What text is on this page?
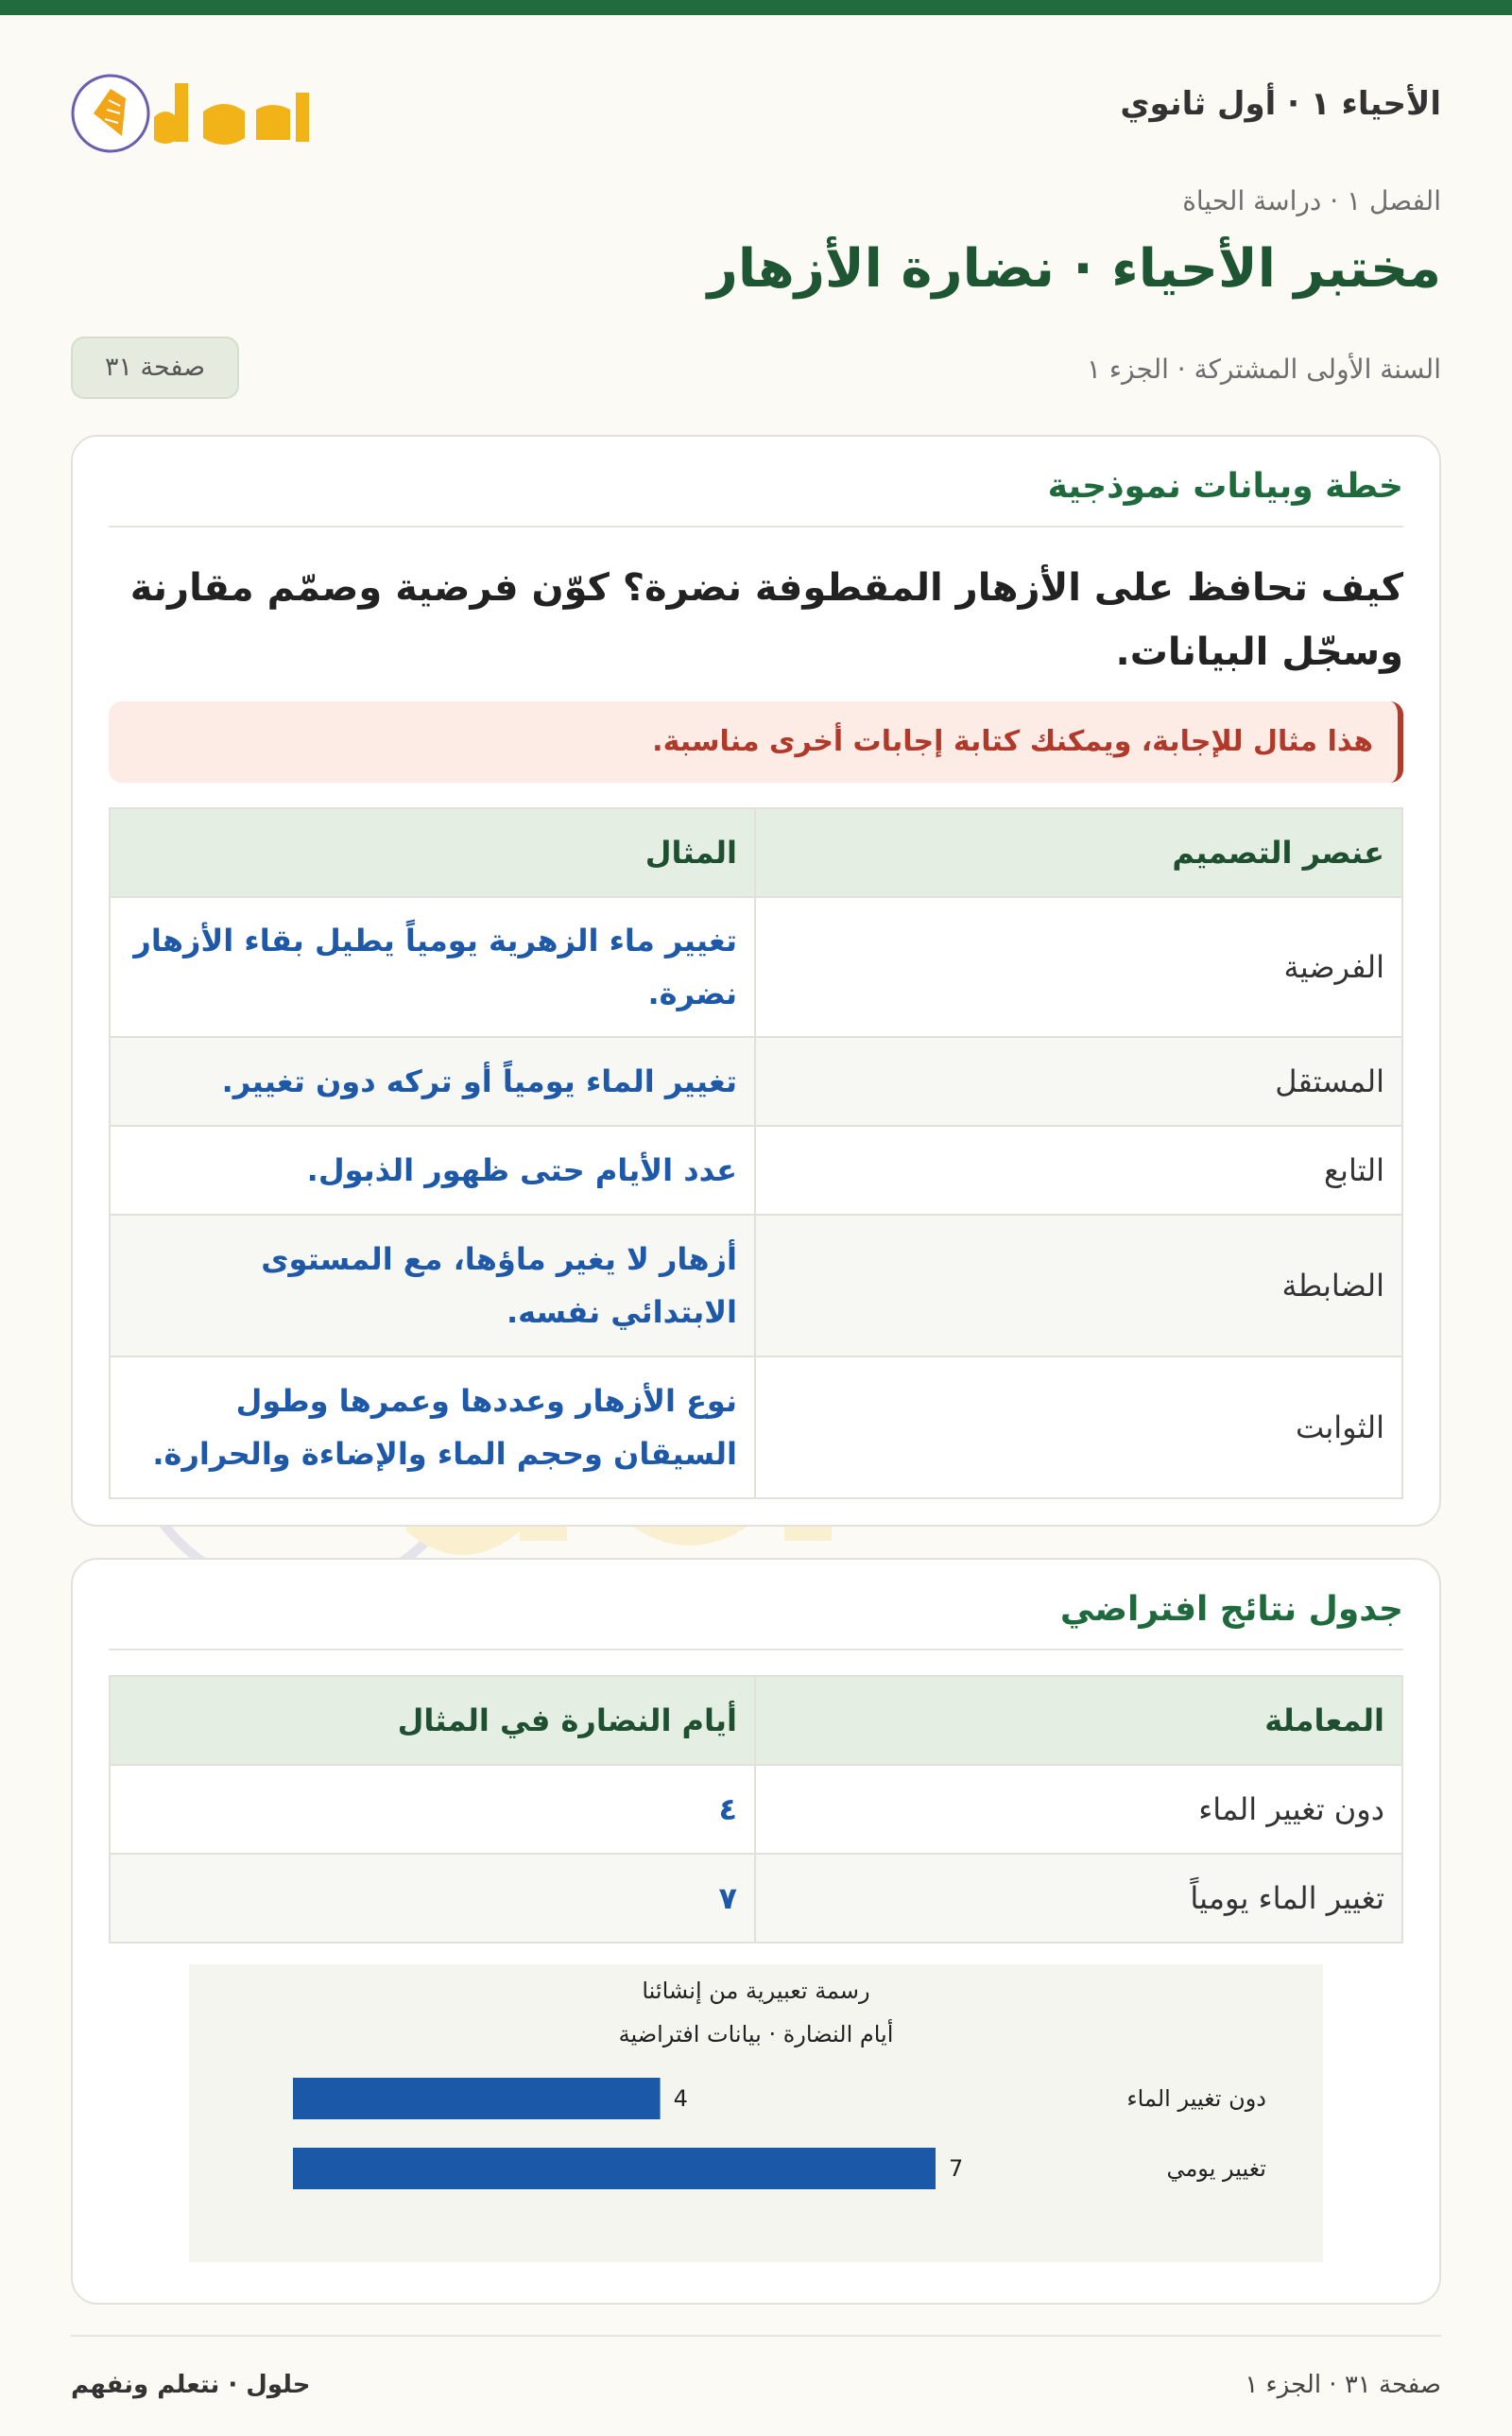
الأحياء ١ · أول ثانوي
حلول
الفصل ١ · دراسة الحياة
مختبر الأحياء · نضارة الأزهار
السنة الأولى المشتركة · الجزء ١
صفحة ٣١
خطة وبيانات نموذجية

كيف تحافظ على الأزهار المقطوفة نضرة؟ كوّن فرضية وصمّم مقارنة وسجّل البيانات.

هذا مثال للإجابة، ويمكنك كتابة إجابات أخرى مناسبة.
عنصر التصميم	المثال
الفرضية	تغيير ماء الزهرية يومياً يطيل بقاء الأزهار نضرة.
المستقل	تغيير الماء يومياً أو تركه دون تغيير.
التابع	عدد الأيام حتى ظهور الذبول.
الضابطة	أزهار لا يغير ماؤها، مع المستوى الابتدائي نفسه.
الثوابت	نوع الأزهار وعددها وعمرها وطول السيقان وحجم الماء والإضاءة والحرارة.
جدول نتائج افتراضي
المعاملة	أيام النضارة في المثال
دون تغيير الماء	٤
تغيير الماء يومياً	٧
رسمة تعبيرية من إنشائنا
أيام النضارة · بيانات افتراضية
4	دون تغيير الماء
7	تغيير يومي
صفحة ٣١ · الجزء ١
حلول · نتعلم ونفهم
